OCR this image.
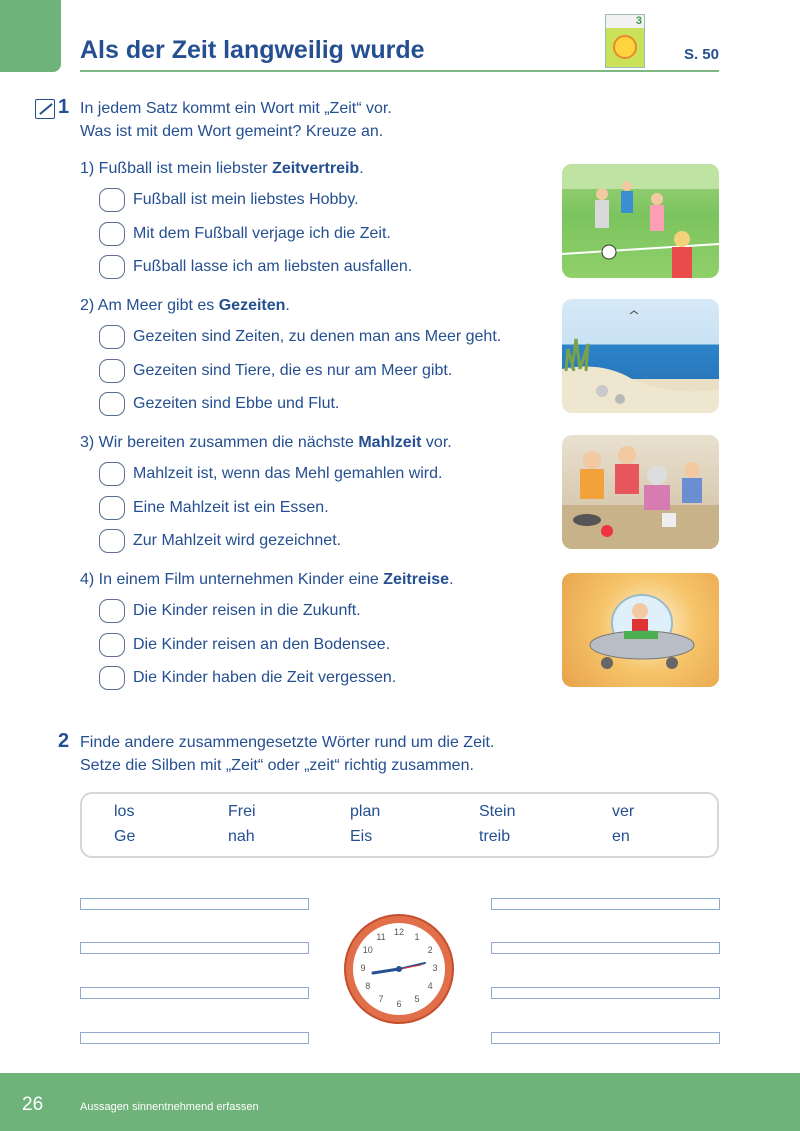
Als der Zeit langweilig wurde
3
S. 50
1 In jedem Satz kommt ein Wort mit „Zeit“ vor.
Was ist mit dem Wort gemeint? Kreuze an.
1) Fußball ist mein liebster Zeitvertreib.
Fußball ist mein liebstes Hobby.
Mit dem Fußball verjage ich die Zeit.
Fußball lasse ich am liebsten ausfallen.
2) Am Meer gibt es Gezeiten.
Gezeiten sind Zeiten, zu denen man ans Meer geht.
Gezeiten sind Tiere, die es nur am Meer gibt.
Gezeiten sind Ebbe und Flut.
3) Wir bereiten zusammen die nächste Mahlzeit vor.
Mahlzeit ist, wenn das Mehl gemahlen wird.
Eine Mahlzeit ist ein Essen.
Zur Mahlzeit wird gezeichnet.
4) In einem Film unternehmen Kinder eine Zeitreise.
Die Kinder reisen in die Zukunft.
Die Kinder reisen an den Bodensee.
Die Kinder haben die Zeit vergessen.
2 Finde andere zusammengesetzte Wörter rund um die Zeit.
Setze die Silben mit „Zeit“ oder „zeit“ richtig zusammen.
los	Frei	plan	Stein	ver
Ge	nah	Eis	treib	en
12	1
2
3
4
5
6
7
8
9
10
11
26	Aussagen sinnentnehmend erfassen
